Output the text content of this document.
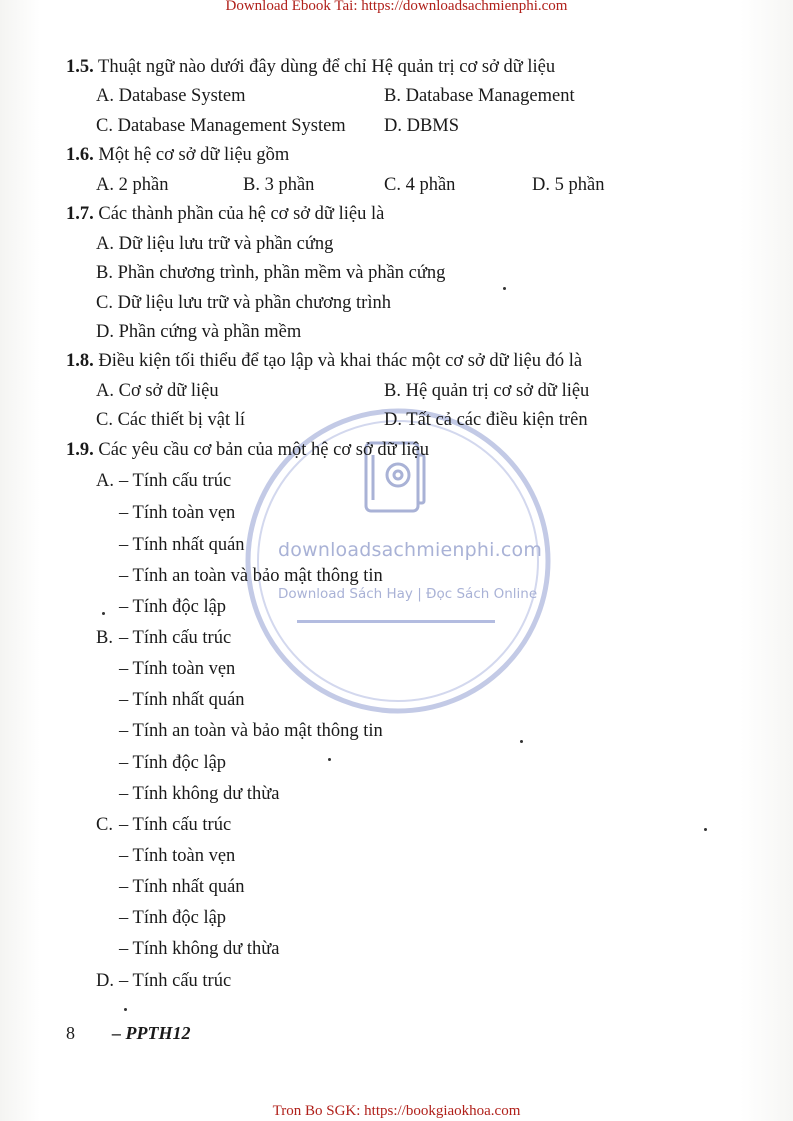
Download Ebook Tai: https://downloadsachmienphi.com
downloadsachmienphi.com
Download Sách Hay | Đọc Sách Online
1.5. Thuật ngữ nào dưới đây dùng để chỉ Hệ quản trị cơ sở dữ liệu
A. Database System	B. Database Management
C. Database Management System D. DBMS
1.6. Một hệ cơ sở dữ liệu gồm
A. 2 phần	B. 3 phần	C. 4 phần	D. 5 phần
1.7. Các thành phần của hệ cơ sở dữ liệu là
A. Dữ liệu lưu trữ và phần cứng
B. Phần chương trình, phần mềm và phần cứng
C. Dữ liệu lưu trữ và phần chương trình
D. Phần cứng và phần mềm
1.8. Điều kiện tối thiểu để tạo lập và khai thác một cơ sở dữ liệu đó là
A. Cơ sở dữ liệu	B. Hệ quản trị cơ sở dữ liệu
C. Các thiết bị vật lí	D. Tất cả các điều kiện trên
1.9. Các yêu cầu cơ bản của một hệ cơ sở dữ liệu
A. – Tính cấu trúc
– Tính toàn vẹn
– Tính nhất quán
– Tính an toàn và bảo mật thông tin
– Tính độc lập
B. – Tính cấu trúc
– Tính toàn vẹn
– Tính nhất quán
– Tính an toàn và bảo mật thông tin
– Tính độc lập
– Tính không dư thừa
C. – Tính cấu trúc
– Tính toàn vẹn
– Tính nhất quán
– Tính độc lập
– Tính không dư thừa
D. – Tính cấu trúc
8 – PPTH12
Tron Bo SGK: https://bookgiaokhoa.com
